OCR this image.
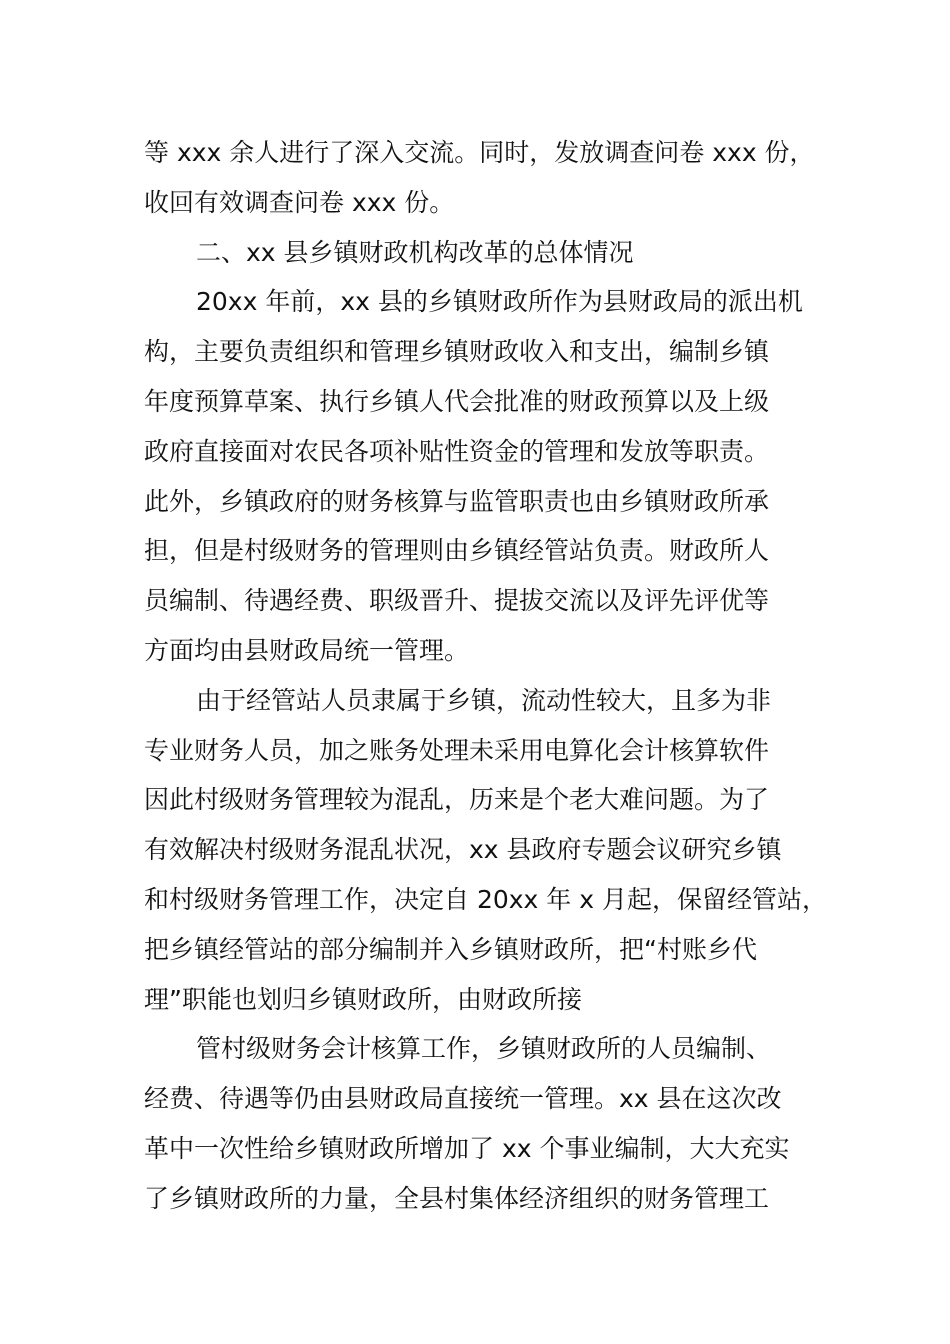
等 xxx 余人进行了深入交流。同时，发放调查问卷 xxx 份，
收回有效调查问卷 xxx 份。
二、xx 县乡镇财政机构改革的总体情况
20xx 年前，xx 县的乡镇财政所作为县财政局的派出机
构，主要负责组织和管理乡镇财政收入和支出，编制乡镇
年度预算草案、执行乡镇人代会批准的财政预算以及上级
政府直接面对农民各项补贴性资金的管理和发放等职责。
此外，乡镇政府的财务核算与监管职责也由乡镇财政所承
担，但是村级财务的管理则由乡镇经管站负责。财政所人
员编制、待遇经费、职级晋升、提拔交流以及评先评优等
方面均由县财政局统一管理。
由于经管站人员隶属于乡镇，流动性较大，且多为非
专业财务人员，加之账务处理未采用电算化会计核算软件
因此村级财务管理较为混乱，历来是个老大难问题。为了
有效解决村级财务混乱状况，xx 县政府专题会议研究乡镇
和村级财务管理工作，决定自 20xx 年 x 月起，保留经管站，
把乡镇经管站的部分编制并入乡镇财政所，把“村账乡代
理”职能也划归乡镇财政所，由财政所接
管村级财务会计核算工作，乡镇财政所的人员编制、
经费、待遇等仍由县财政局直接统一管理。xx 县在这次改
革中一次性给乡镇财政所增加了 xx 个事业编制，大大充实
了乡镇财政所的力量，全县村集体经济组织的财务管理工
